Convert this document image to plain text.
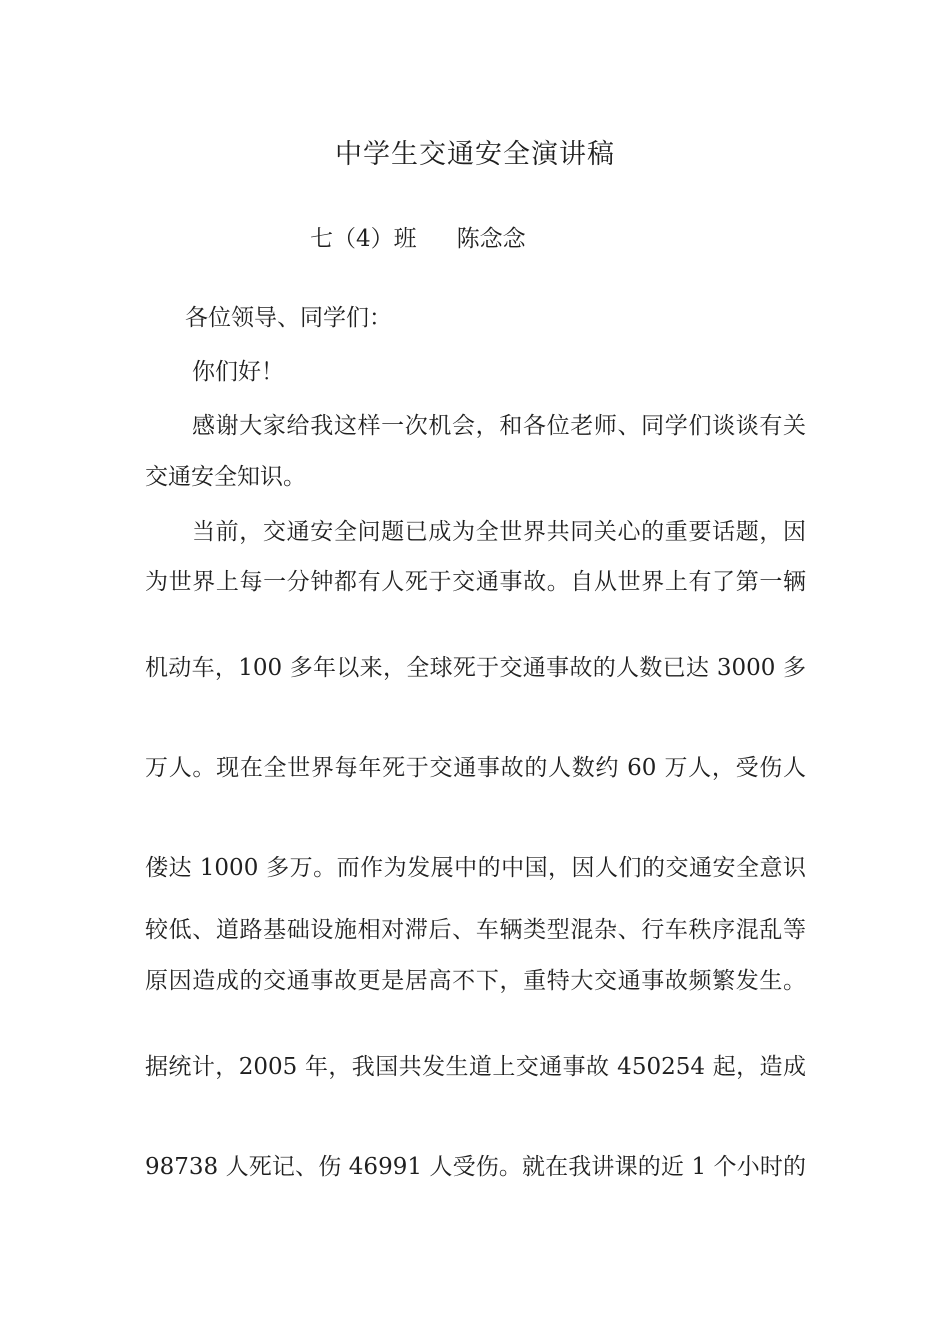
中学生交通安全演讲稿
七（4）班 陈念念
各位领导、同学们：
你们好！
感谢大家给我这样一次机会，和各位老师、同学们谈谈有关
交通安全知识。
当前，交通安全问题已成为全世界共同关心的重要话题，因
为世界上每一分钟都有人死于交通事故。自从世界上有了第一辆
机动车，100 多年以来，全球死于交通事故的人数已达 3000 多
万人。现在全世界每年死于交通事故的人数约 60 万人，受伤人
偻达 1000 多万。而作为发展中的中国，因人们的交通安全意识
较低、道路基础设施相对滞后、车辆类型混杂、行车秩序混乱等
原因造成的交通事故更是居高不下，重特大交通事故频繁发生。
据统计，2005 年，我国共发生道上交通事故 450254 起，造成
98738 人死记、伤 46991 人受伤。就在我讲课的近 1 个小时的
